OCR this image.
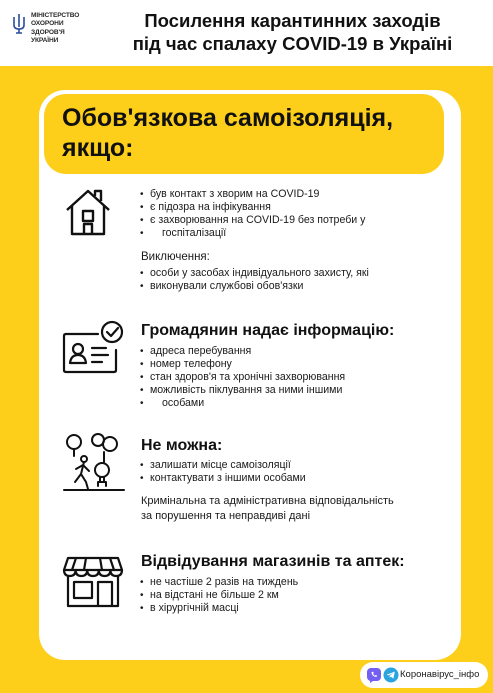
МІНІСТЕРСТВО
ОХОРОНИ
ЗДОРОВ'Я
УКРАЇНИ
Посилення карантинних заходів
під час спалаху COVID-19 в Україні
Обов'язкова самоізоляція,
якщо:
• був контакт з хворим на COVID-19
• є підозра на інфікування
• є захворювання на COVID-19 без потреби у
• госпіталізації
Виключення:
• особи у засобах індивідуального захисту, які
• виконували службові обов'язки
Громадянин надає інформацію:
• адреса перебування
• номер телефону
• стан здоров'я та хронічні захворювання
• можливість піклування за ними іншими
• особами
Не можна:
• залишати місце самоізоляції
• контактувати з іншими особами
Кримінальна та адміністративна відповідальність
за порушення та неправдиві дані
Відвідування магазинів та аптек:
• не частіше 2 разів на тиждень
• на відстані не більше 2 км
• в хірургічній масці
Коронавірус_інфо
